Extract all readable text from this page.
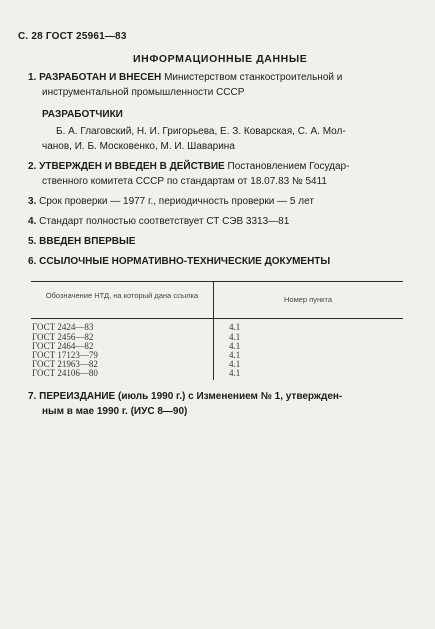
С. 28 ГОСТ 25961—83
ИНФОРМАЦИОННЫЕ ДАННЫЕ
1. РАЗРАБОТАН И ВНЕСЕН Министерством станкостроительной и
инструментальной промышленности СССР
РАЗРАБОТЧИКИ
Б. А. Глаговский, Н. И. Григорьева, Е. З. Коварская, С. А. Мол-
чанов, И. Б. Московенко, М. И. Шаварина
2. УТВЕРЖДЕН И ВВЕДЕН В ДЕЙСТВИЕ Постановлением Государ-
ственного комитета СССР по стандартам от 18.07.83 № 5411
3. Срок проверки — 1977 г., периодичность проверки — 5 лет
4. Стандарт полностью соответствует СТ СЭВ 3313—81
5. ВВЕДЕН ВПЕРВЫЕ
6. ССЫЛОЧНЫЕ НОРМАТИВНО-ТЕХНИЧЕСКИЕ ДОКУМЕНТЫ
Обозначение НТД, на который дана ссылка	Номер пункта
ГОСТ 2424—83	4.1
ГОСТ 2456—82	4.1
ГОСТ 2464—82	4.1
ГОСТ 17123—79	4.1
ГОСТ 21963—82	4.1
ГОСТ 24106—80	4.1
7. ПЕРЕИЗДАНИЕ (июль 1990 г.) с Изменением № 1, утвержден-
ным в мае 1990 г. (ИУС 8—90)
